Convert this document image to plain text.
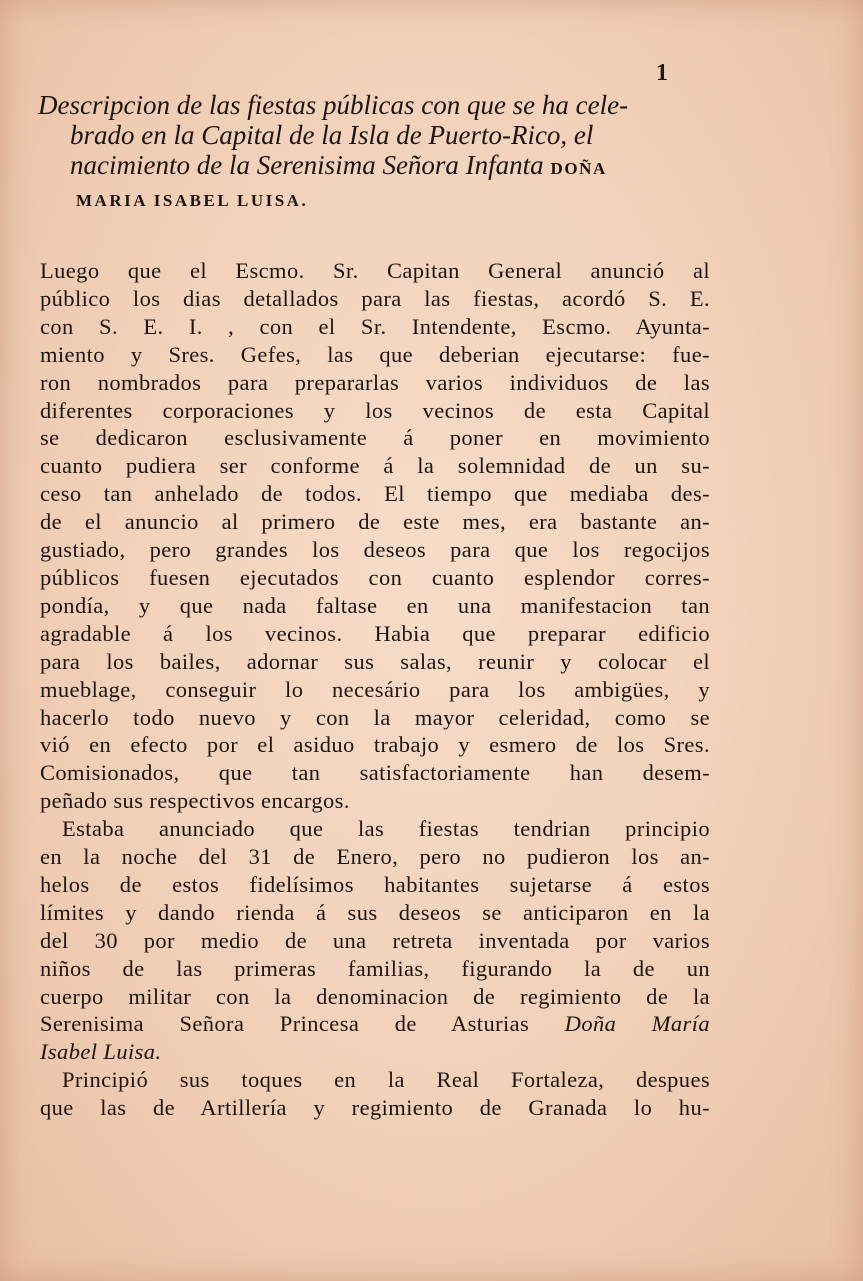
1
Descripcion de las fiestas públicas con que se ha cele-
brado en la Capital de la Isla de Puerto-Rico, el
nacimiento de la Serenisima Señora Infanta DOÑA
MARIA ISABEL LUISA.
Luego que el Escmo. Sr. Capitan General anunció al
público los dias detallados para las fiestas, acordó S. E.
con S. E. I. , con el Sr. Intendente, Escmo. Ayunta-
miento y Sres. Gefes, las que deberian ejecutarse: fue-
ron nombrados para prepararlas varios individuos de las
diferentes corporaciones y los vecinos de esta Capital
se dedicaron esclusivamente á poner en movimiento
cuanto pudiera ser conforme á la solemnidad de un su-
ceso tan anhelado de todos. El tiempo que mediaba des-
de el anuncio al primero de este mes, era bastante an-
gustiado, pero grandes los deseos para que los regocijos
públicos fuesen ejecutados con cuanto esplendor corres-
pondía, y que nada faltase en una manifestacion tan
agradable á los vecinos. Habia que preparar edificio
para los bailes, adornar sus salas, reunir y colocar el
mueblage, conseguir lo necesário para los ambigües, y
hacerlo todo nuevo y con la mayor celeridad, como se
vió en efecto por el asiduo trabajo y esmero de los Sres.
Comisionados, que tan satisfactoriamente han desem-
peñado sus respectivos encargos.
Estaba anunciado que las fiestas tendrian principio
en la noche del 31 de Enero, pero no pudieron los an-
helos de estos fidelísimos habitantes sujetarse á estos
límites y dando rienda á sus deseos se anticiparon en la
del 30 por medio de una retreta inventada por varios
niños de las primeras familias, figurando la de un
cuerpo militar con la denominacion de regimiento de la
Serenisima Señora Princesa de Asturias Doña María
Isabel Luisa.
Principió sus toques en la Real Fortaleza, despues
que las de Artillería y regimiento de Granada lo hu-
